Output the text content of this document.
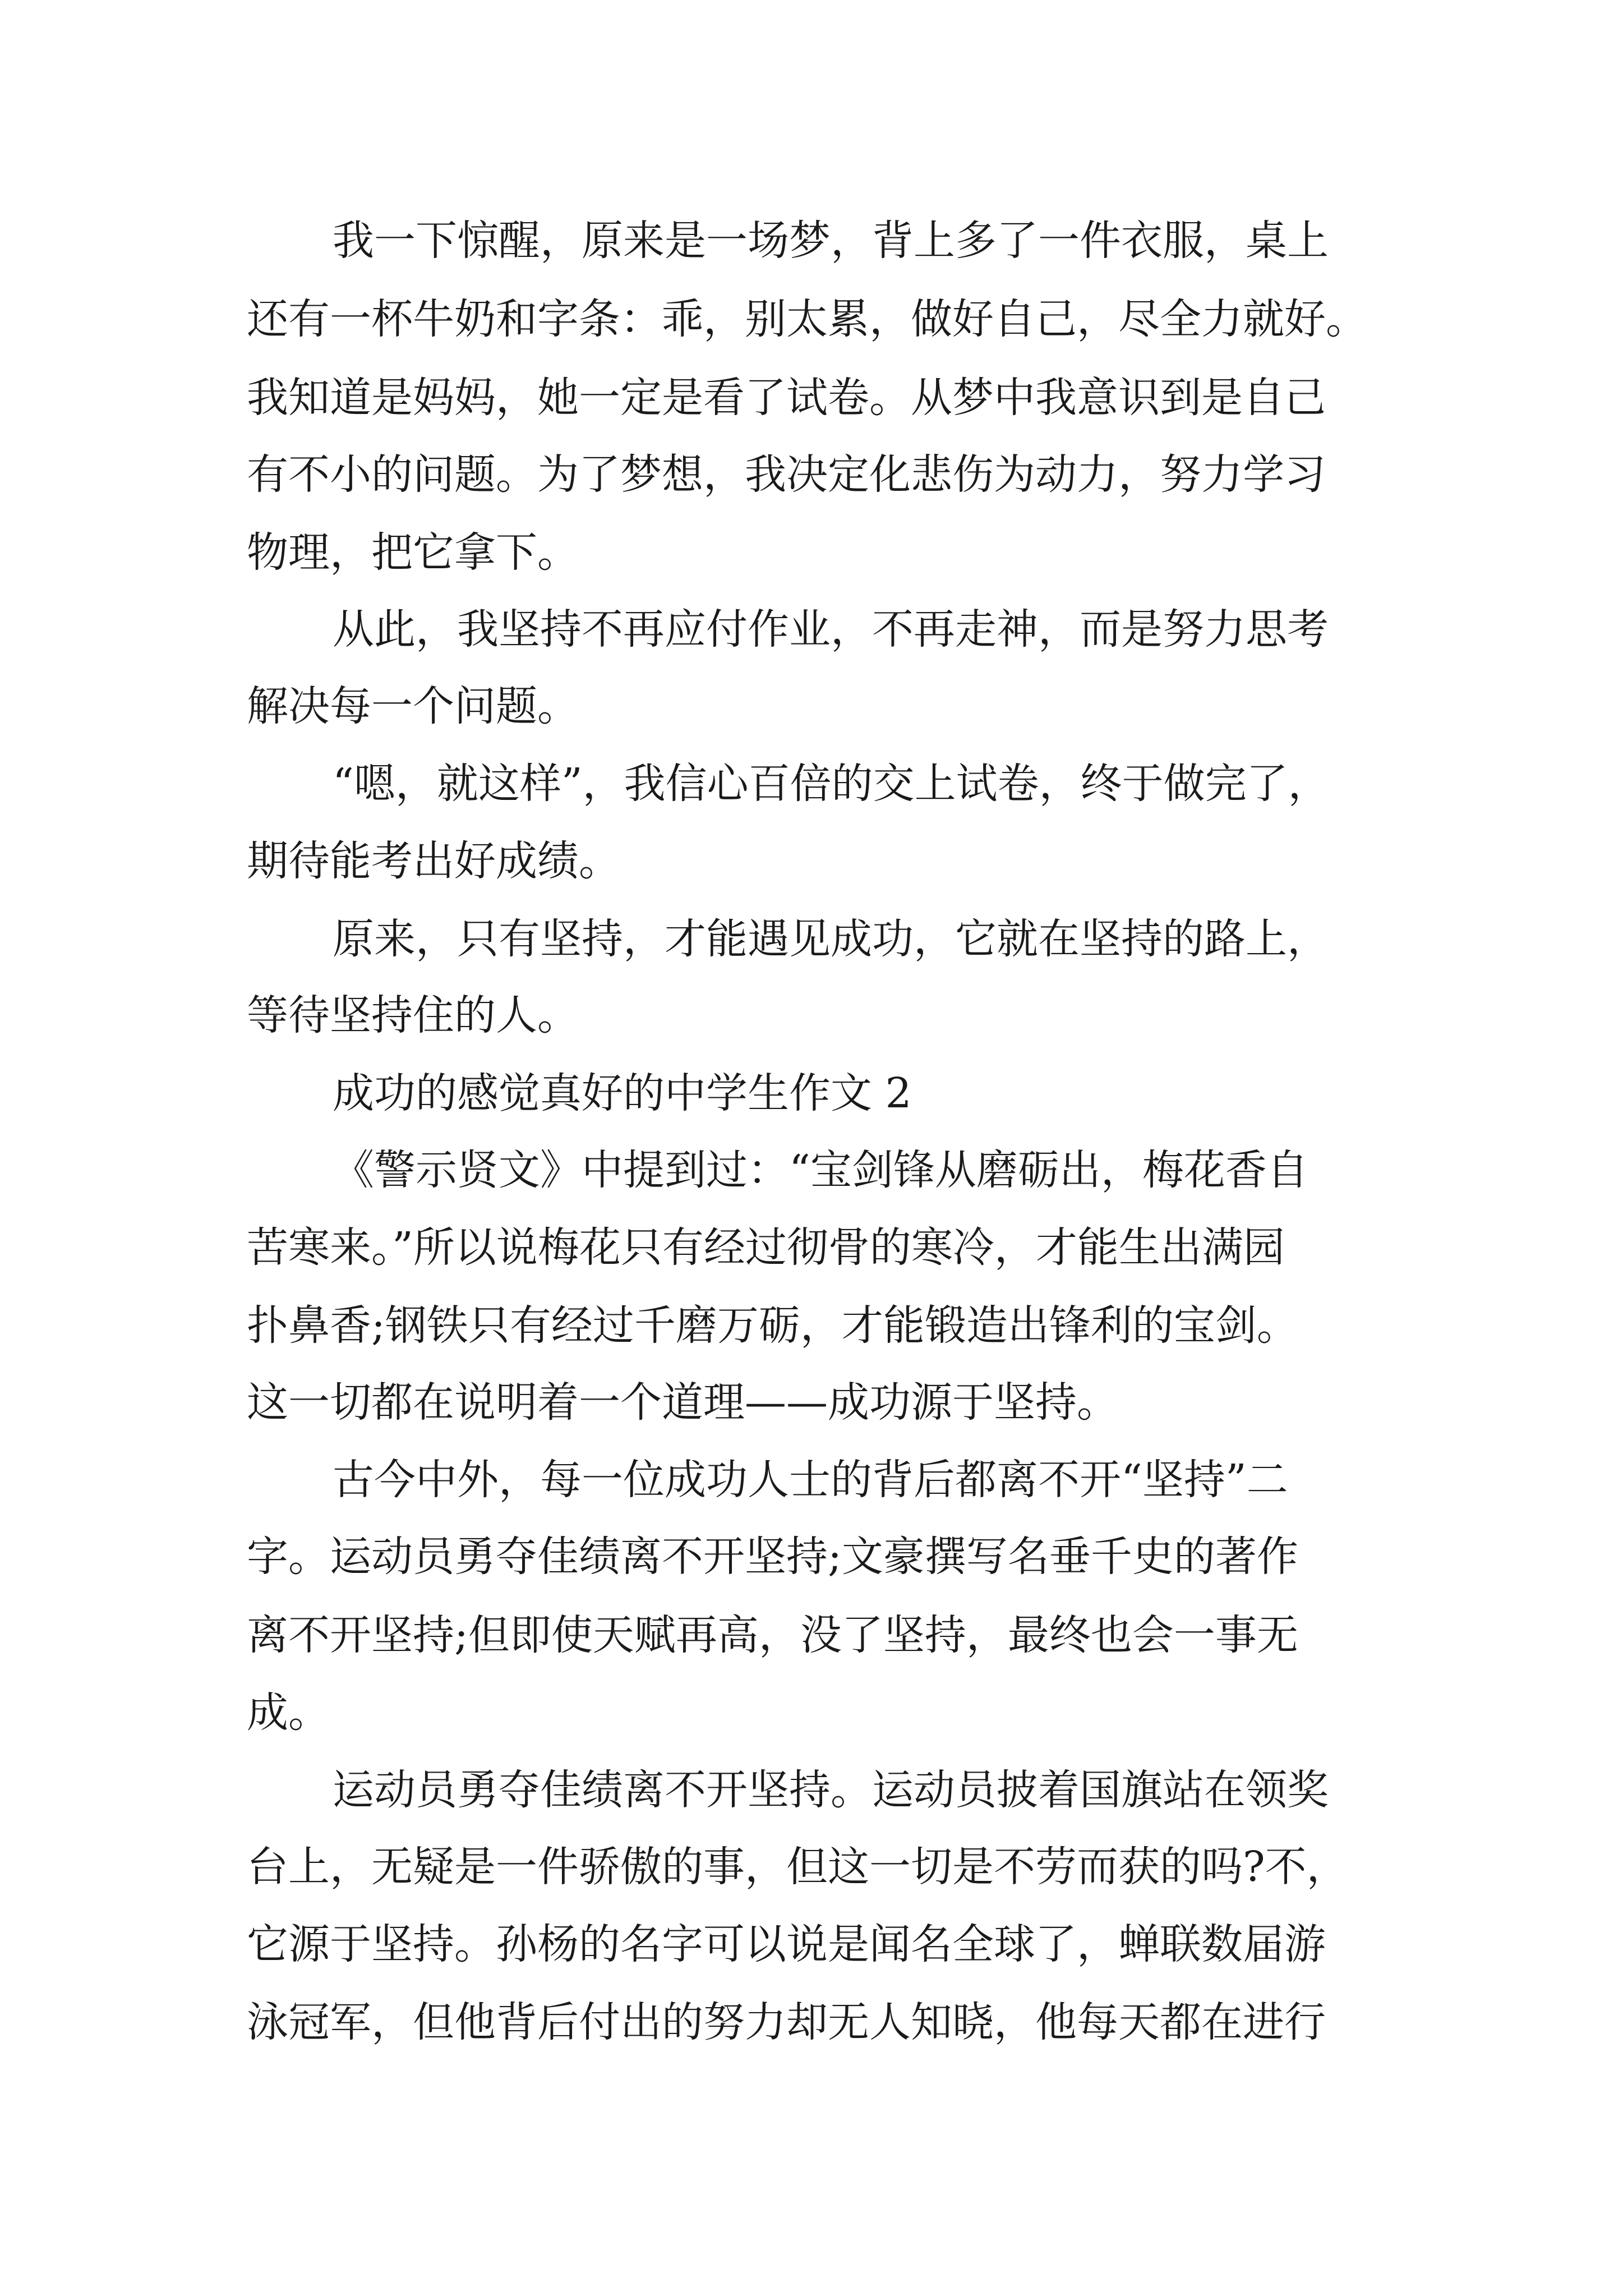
我一下惊醒，原来是一场梦，背上多了一件衣服，桌上

还有一杯牛奶和字条：乖，别太累，做好自己，尽全力就好。

我知道是妈妈，她一定是看了试卷。从梦中我意识到是自己

有不小的问题。为了梦想，我决定化悲伤为动力，努力学习

物理，把它拿下。

从此，我坚持不再应付作业，不再走神，而是努力思考

解决每一个问题。

“嗯，就这样”，我信心百倍的交上试卷，终于做完了，

期待能考出好成绩。

原来，只有坚持，才能遇见成功，它就在坚持的路上，

等待坚持住的人。

成功的感觉真好的中学生作文 2

《警示贤文》中提到过：“宝剑锋从磨砺出，梅花香自

苦寒来。”所以说梅花只有经过彻骨的寒冷，才能生出满园

扑鼻香;钢铁只有经过千磨万砺，才能锻造出锋利的宝剑。

这一切都在说明着一个道理——成功源于坚持。

古今中外，每一位成功人士的背后都离不开“坚持”二

字。运动员勇夺佳绩离不开坚持;文豪撰写名垂千史的著作

离不开坚持;但即使天赋再高，没了坚持，最终也会一事无

成。

运动员勇夺佳绩离不开坚持。运动员披着国旗站在领奖

台上，无疑是一件骄傲的事，但这一切是不劳而获的吗?不，

它源于坚持。孙杨的名字可以说是闻名全球了，蝉联数届游

泳冠军，但他背后付出的努力却无人知晓，他每天都在进行
